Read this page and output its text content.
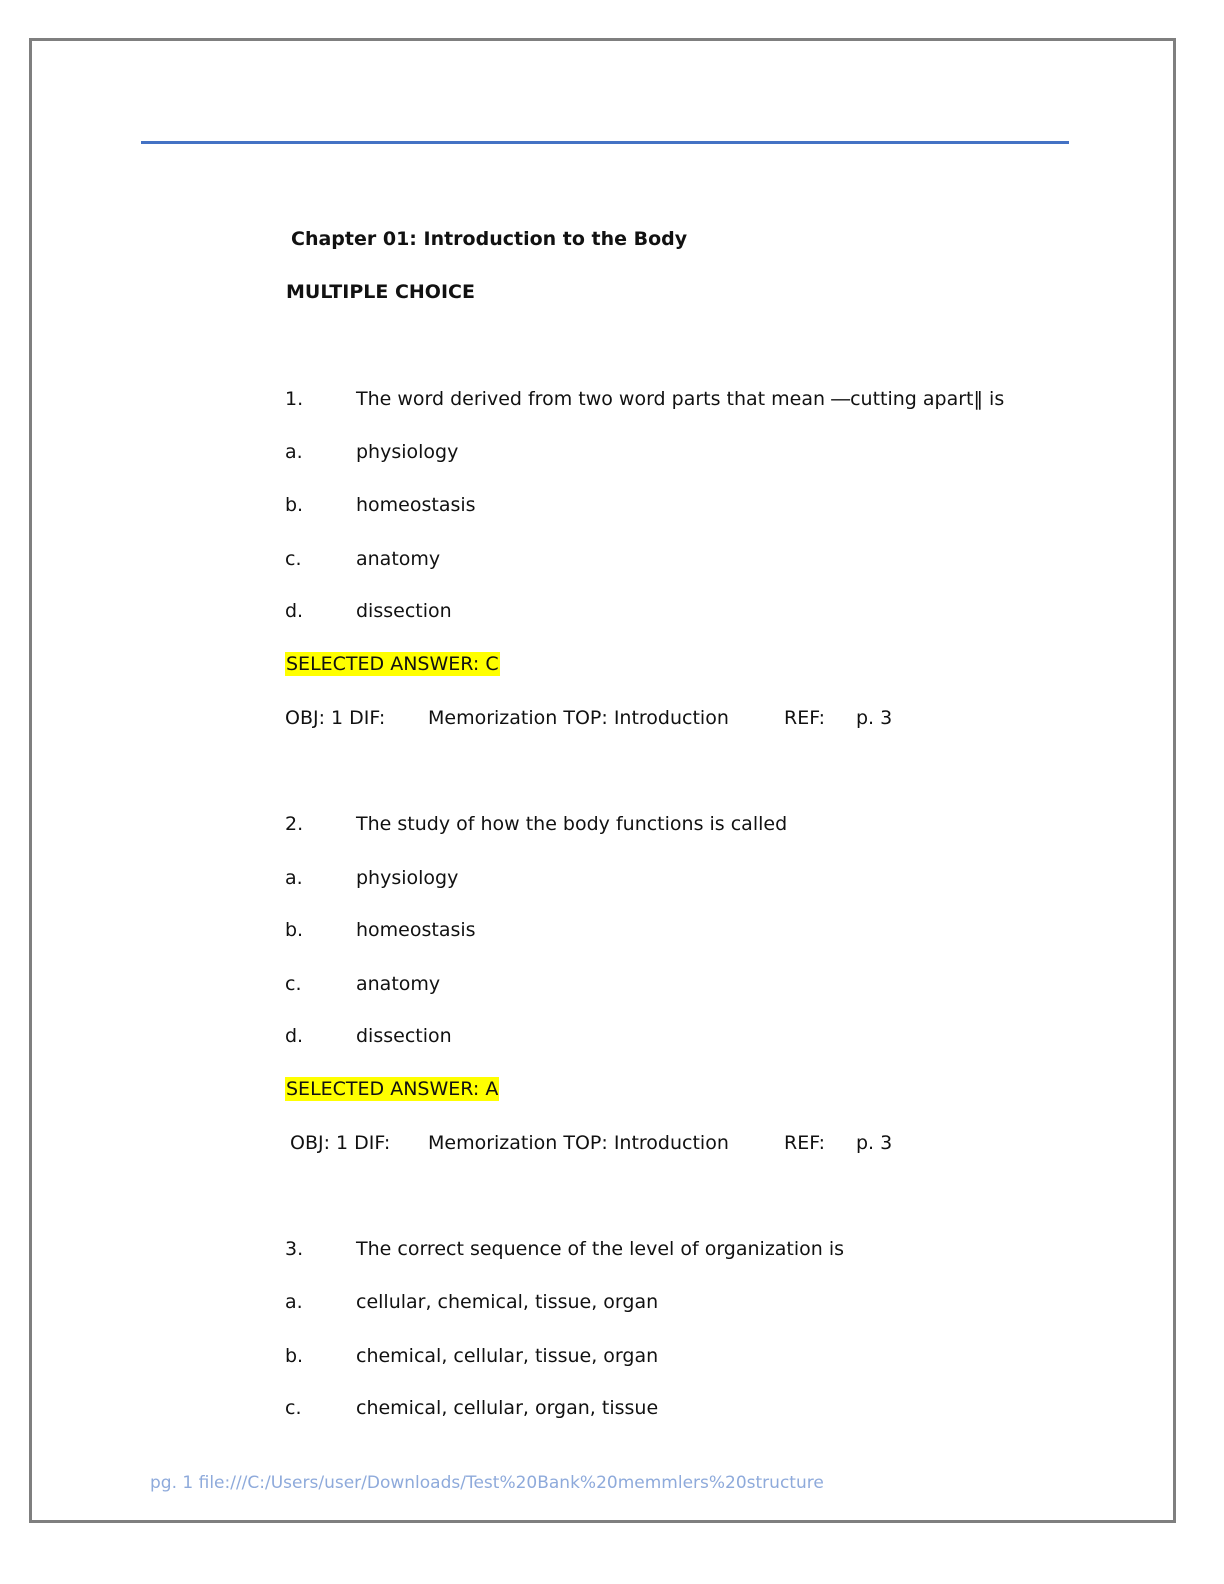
Chapter 01: Introduction to the Body
MULTIPLE CHOICE
1.	The word derived from two word parts that mean ―cutting apart‖ is
a.	physiology
b.	homeostasis
c.	anatomy
d.	dissection
SELECTED ANSWER: C
OBJ: 1 DIF: Memorization TOP: Introduction	REF: p. 3
2.	The study of how the body functions is called
a.	physiology
b.	homeostasis
c.	anatomy
d.	dissection
SELECTED ANSWER: A
OBJ: 1 DIF: Memorization TOP: Introduction	REF: p. 3
3.	The correct sequence of the level of organization is
a.	cellular, chemical, tissue, organ
b.	chemical, cellular, tissue, organ
c.	chemical, cellular, organ, tissue
pg. 1 file:///C:/Users/user/Downloads/Test%20Bank%20memmlers%20structure
